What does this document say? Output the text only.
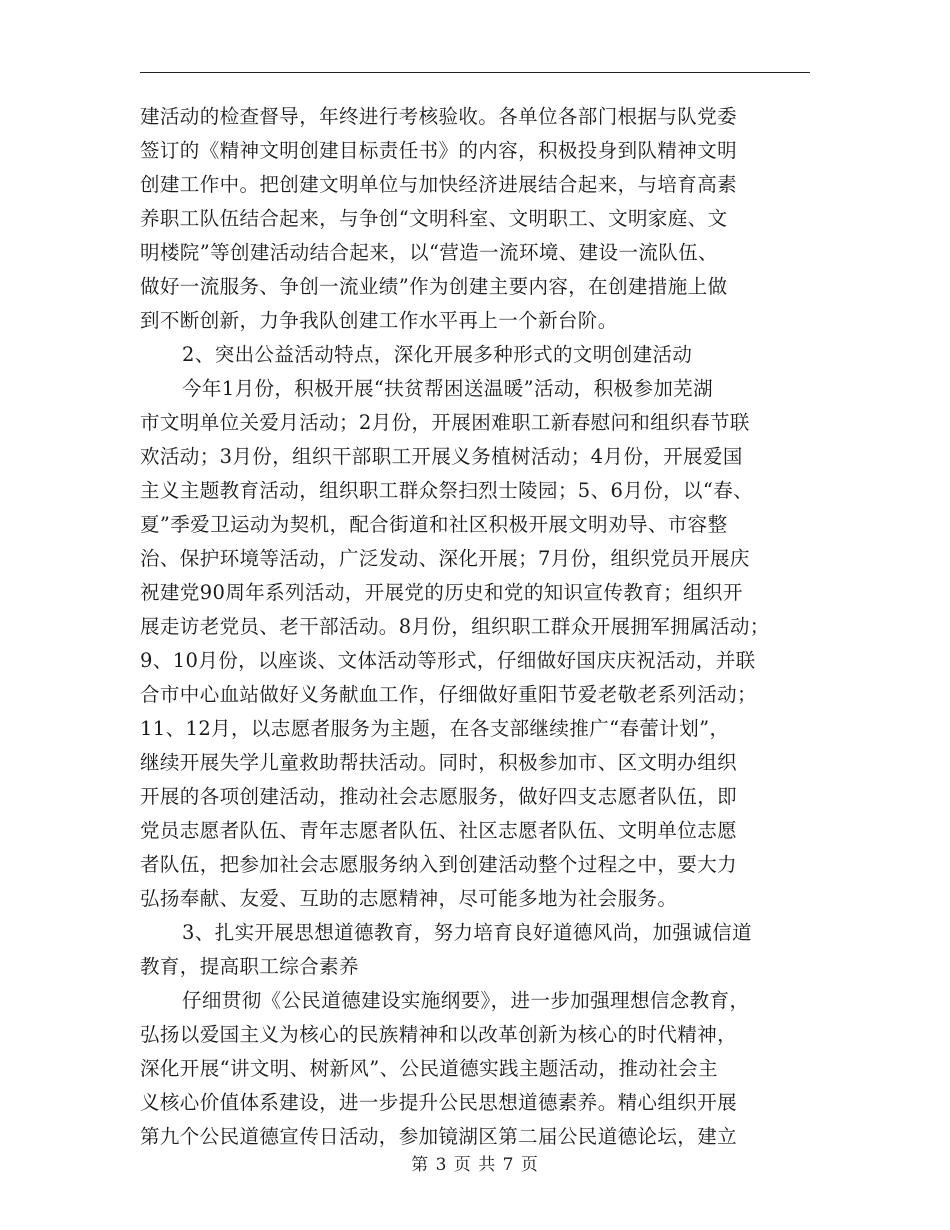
建活动的检查督导，年终进行考核验收。各单位各部门根据与队党委
签订的《精神文明创建目标责任书》的内容，积极投身到队精神文明
创建工作中。把创建文明单位与加快经济进展结合起来，与培育高素
养职工队伍结合起来，与争创“文明科室、文明职工、文明家庭、文
明楼院”等创建活动结合起来，以“营造一流环境、建设一流队伍、
做好一流服务、争创一流业绩”作为创建主要内容，在创建措施上做
到不断创新，力争我队创建工作水平再上一个新台阶。
2、突出公益活动特点，深化开展多种形式的文明创建活动
今年1月份，积极开展“扶贫帮困送温暖”活动，积极参加芜湖
市文明单位关爱月活动；2月份，开展困难职工新春慰问和组织春节联
欢活动；3月份，组织干部职工开展义务植树活动；4月份，开展爱国
主义主题教育活动，组织职工群众祭扫烈士陵园；5、6月份，以“春、
夏”季爱卫运动为契机，配合街道和社区积极开展文明劝导、市容整
治、保护环境等活动，广泛发动、深化开展；7月份，组织党员开展庆
祝建党90周年系列活动，开展党的历史和党的知识宣传教育；组织开
展走访老党员、老干部活动。8月份，组织职工群众开展拥军拥属活动；
9、10月份，以座谈、文体活动等形式，仔细做好国庆庆祝活动，并联
合市中心血站做好义务献血工作，仔细做好重阳节爱老敬老系列活动；
11、12月，以志愿者服务为主题，在各支部继续推广“春蕾计划”，
继续开展失学儿童救助帮扶活动。同时，积极参加市、区文明办组织
开展的各项创建活动，推动社会志愿服务，做好四支志愿者队伍，即
党员志愿者队伍、青年志愿者队伍、社区志愿者队伍、文明单位志愿
者队伍，把参加社会志愿服务纳入到创建活动整个过程之中，要大力
弘扬奉献、友爱、互助的志愿精神，尽可能多地为社会服务。
3、扎实开展思想道德教育，努力培育良好道德风尚，加强诚信道
教育，提高职工综合素养
仔细贯彻《公民道德建设实施纲要》，进一步加强理想信念教育，
弘扬以爱国主义为核心的民族精神和以改革创新为核心的时代精神，
深化开展“讲文明、树新风”、公民道德实践主题活动，推动社会主
义核心价值体系建设，进一步提升公民思想道德素养。精心组织开展
第九个公民道德宣传日活动，参加镜湖区第二届公民道德论坛，建立
第 3 页 共 7 页
